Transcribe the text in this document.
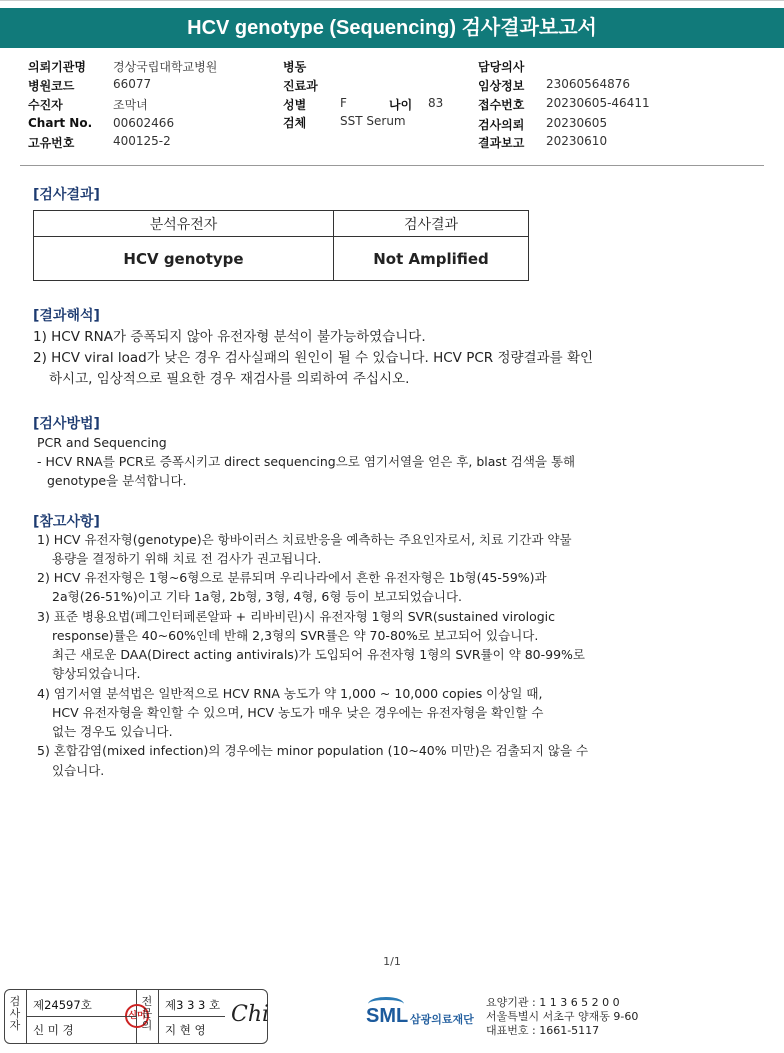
HCV genotype (Sequencing) 검사결과보고서
의뢰기관명 경상국립대학교병원
병원코드	66077
수진자	조막녀
Chart No. 00602466
고유번호	400125-2
병동
진료과
성별	F	나이 83
검체	SST Serum
담당의사
임상정보 23060564876
접수번호 20230605-46411
검사의뢰 20230605
결과보고 20230610
[검사결과]
분석유전자	검사결과
HCV genotype	Not Amplified
[결과해석]
1) HCV RNA가 증폭되지 않아 유전자형 분석이 불가능하였습니다.
2) HCV viral load가 낮은 경우 검사실패의 원인이 될 수 있습니다. HCV PCR 정량결과를 확인
하시고, 임상적으로 필요한 경우 재검사를 의뢰하여 주십시오.
[검사방법]
PCR and Sequencing
- HCV RNA를 PCR로 증폭시키고 direct sequencing으로 염기서열을 얻은 후, blast 검색을 통해
genotype을 분석합니다.
[참고사항]
1) HCV 유전자형(genotype)은 항바이러스 치료반응을 예측하는 주요인자로서, 치료 기간과 약물
용량을 결정하기 위해 치료 전 검사가 권고됩니다.
2) HCV 유전자형은 1형~6형으로 분류되며 우리나라에서 흔한 유전자형은 1b형(45-59%)과
2a형(26-51%)이고 기타 1a형, 2b형, 3형, 4형, 6형 등이 보고되었습니다.
3) 표준 병용요법(페그인터페론알파 + 리바비린)시 유전자형 1형의 SVR(sustained virologic
response)률은 40~60%인데 반해 2,3형의 SVR률은 약 70-80%로 보고되어 있습니다.
최근 새로운 DAA(Direct acting antivirals)가 도입되어 유전자형 1형의 SVR률이 약 80-99%로
향상되었습니다.
4) 염기서열 분석법은 일반적으로 HCV RNA 농도가 약 1,000 ~ 10,000 copies 이상일 때,
HCV 유전자형을 확인할 수 있으며, HCV 농도가 매우 낮은 경우에는 유전자형을 확인할 수
없는 경우도 있습니다.
5) 혼합감염(mixed infection)의 경우에는 minor population (10~40% 미만)은 검출되지 않을 수
있습니다.
1/1
검사자
제24597호
신 미 경
신미
전문의
제3 3 3 호
지 현 영
Chi	SML 삼광의료재단
요양기관 : 1 1 3 6 5 2 0 0
서울특별시 서초구 양재동 9-60
대표번호 : 1661-5117
